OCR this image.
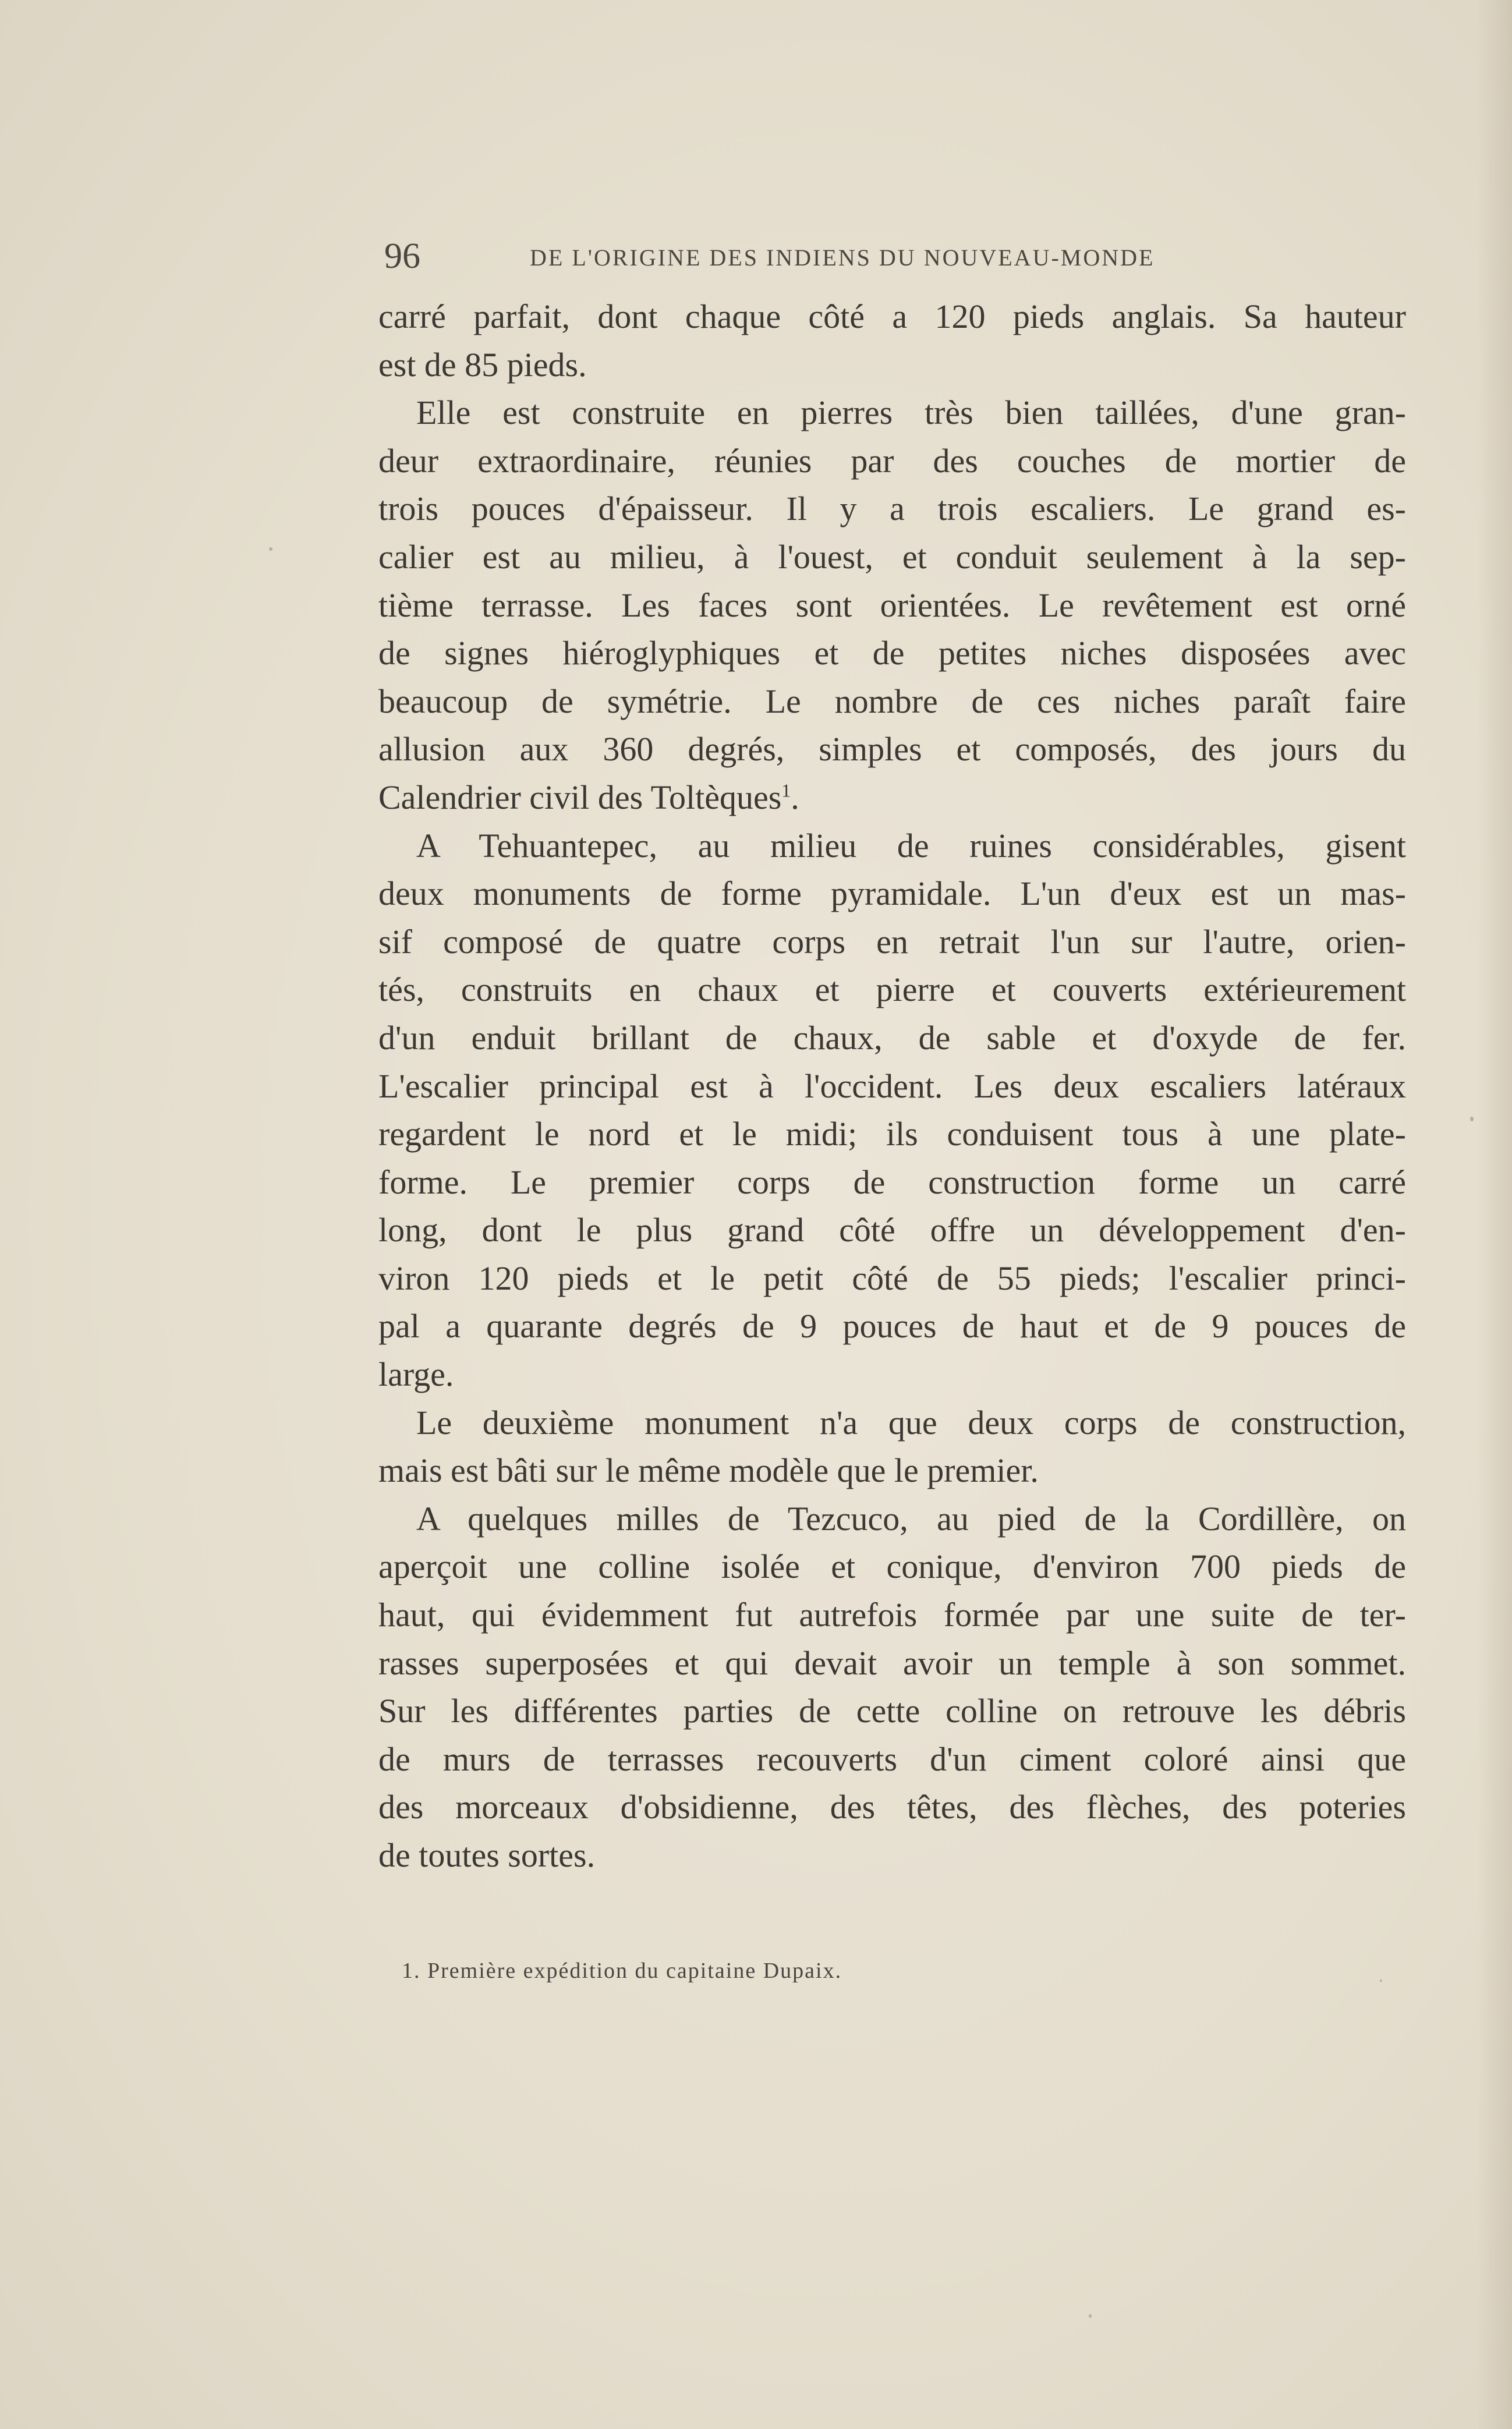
96	DE L'ORIGINE DES INDIENS DU NOUVEAU-MONDE
carré parfait, dont chaque côté a 120 pieds anglais. Sa hauteur
est de 85 pieds.
Elle est construite en pierres très bien taillées, d'une gran-
deur extraordinaire, réunies par des couches de mortier de
trois pouces d'épaisseur. Il y a trois escaliers. Le grand es-
calier est au milieu, à l'ouest, et conduit seulement à la sep-
tième terrasse. Les faces sont orientées. Le revêtement est orné
de signes hiéroglyphiques et de petites niches disposées avec
beaucoup de symétrie. Le nombre de ces niches paraît faire
allusion aux 360 degrés, simples et composés, des jours du
Calendrier civil des Toltèques$^1$.
A Tehuantepec, au milieu de ruines considérables, gisent
deux monuments de forme pyramidale. L'un d'eux est un mas-
sif composé de quatre corps en retrait l'un sur l'autre, orien-
tés, construits en chaux et pierre et couverts extérieurement
d'un enduit brillant de chaux, de sable et d'oxyde de fer.
L'escalier principal est à l'occident. Les deux escaliers latéraux
regardent le nord et le midi; ils conduisent tous à une plate-
forme. Le premier corps de construction forme un carré
long, dont le plus grand côté offre un développement d'en-
viron 120 pieds et le petit côté de 55 pieds; l'escalier princi-
pal a quarante degrés de 9 pouces de haut et de 9 pouces de
large.
Le deuxième monument n'a que deux corps de construction,
mais est bâti sur le même modèle que le premier.
A quelques milles de Tezcuco, au pied de la Cordillère, on
aperçoit une colline isolée et conique, d'environ 700 pieds de
haut, qui évidemment fut autrefois formée par une suite de ter-
rasses superposées et qui devait avoir un temple à son sommet.
Sur les différentes parties de cette colline on retrouve les débris
de murs de terrasses recouverts d'un ciment coloré ainsi que
des morceaux d'obsidienne, des têtes, des flèches, des poteries
de toutes sortes.
1. Première expédition du capitaine Dupaix.
